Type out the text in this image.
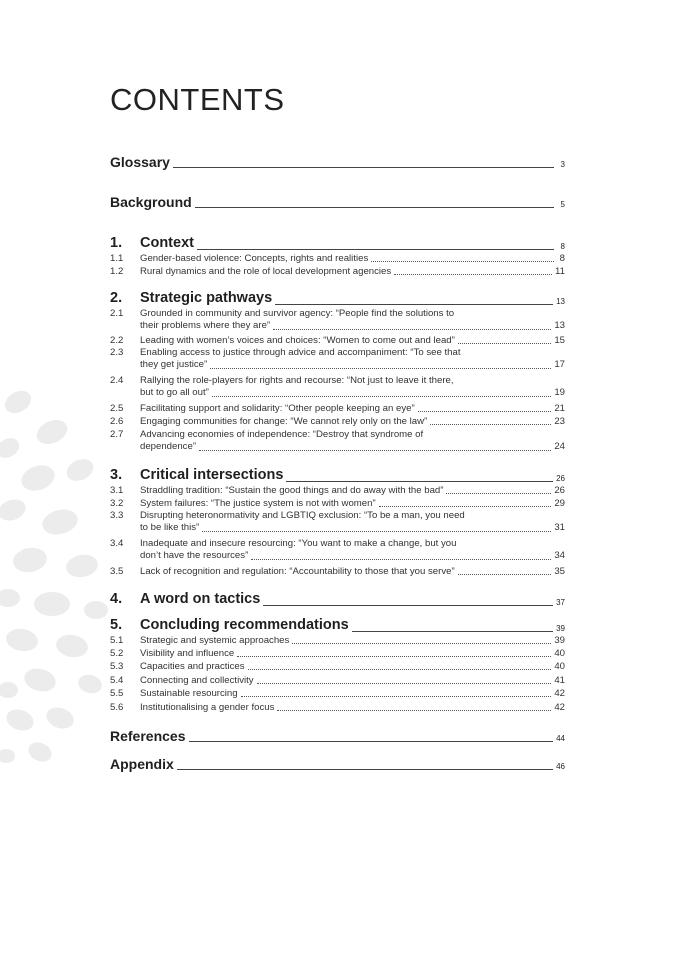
CONTENTS
Glossary	3
Background	5
1.	Context	8
1.1	Gender-based violence: Concepts, rights and realities	8
1.2	Rural dynamics and the role of local development agencies	11
2.	Strategic pathways	13
2.1	Grounded in community and survivor agency: “People find the solutions to
their problems where they are”	13
2.2	Leading with women’s voices and choices: “Women to come out and lead”	15
2.3	Enabling access to justice through advice and accompaniment: “To see that
they get justice”	17
2.4	Rallying the role-players for rights and recourse: “Not just to leave it there,
but to go all out”	19
2.5	Facilitating support and solidarity: “Other people keeping an eye”	21
2.6	Engaging communities for change: “We cannot rely only on the law”	23
2.7	Advancing economies of independence: “Destroy that syndrome of
dependence”	24
3.	Critical intersections	26
3.1	Straddling tradition: “Sustain the good things and do away with the bad”	26
3.2	System failures: “The justice system is not with women”	29
3.3	Disrupting heteronormativity and LGBTIQ exclusion: “To be a man, you need
to be like this”	31
3.4	Inadequate and insecure resourcing: “You want to make a change, but you
don’t have the resources”	34
3.5	Lack of recognition and regulation: “Accountability to those that you serve”	35
4.	A word on tactics	37
5.	Concluding recommendations	39
5.1	Strategic and systemic approaches	39
5.2	Visibility and influence	40
5.3	Capacities and practices	40
5.4	Connecting and collectivity	41
5.5	Sustainable resourcing	42
5.6	Institutionalising a gender focus	42
References	44
Appendix	46
